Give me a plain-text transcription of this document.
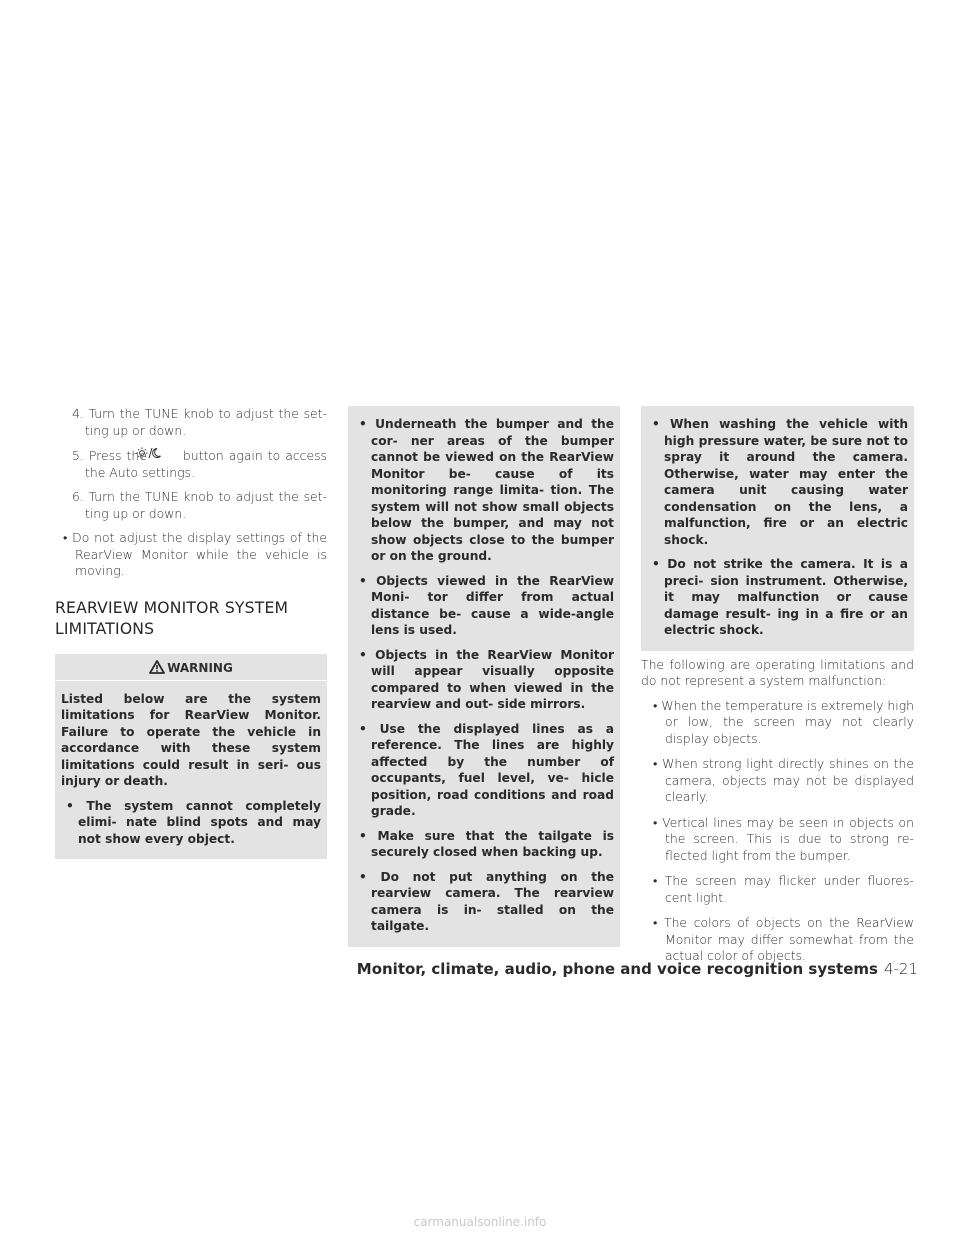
4. Turn the TUNE knob to adjust the set- ting up or down.

5. Press the	button again to access the Auto settings.

6. Turn the TUNE knob to adjust the set- ting up or down.

• Do not adjust the display settings of the RearView Monitor while the vehicle is moving.

REARVIEW MONITOR SYSTEM
LIMITATIONS
WARNING

Listed below are the system limitations for RearView Monitor. Failure to operate the vehicle in accordance with these system limitations could result in seri- ous injury or death.

• The system cannot completely elimi- nate blind spots and may not show every object.

• Underneath the bumper and the cor- ner areas of the bumper cannot be viewed on the RearView Monitor be- cause of its monitoring range limita- tion. The system will not show small objects below the bumper, and may not show objects close to the bumper or on the ground.

• Objects viewed in the RearView Moni- tor differ from actual distance be- cause a wide-angle lens is used.

• Objects in the RearView Monitor will appear visually opposite compared to when viewed in the rearview and out- side mirrors.

• Use the displayed lines as a reference. The lines are highly affected by the number of occupants, fuel level, ve- hicle position, road conditions and road grade.

• Make sure that the tailgate is securely closed when backing up.

• Do not put anything on the rearview camera. The rearview camera is in- stalled on the tailgate.

• When washing the vehicle with high pressure water, be sure not to spray it around the camera. Otherwise, water may enter the camera unit causing water condensation on the lens, a malfunction, fire or an electric shock.

• Do not strike the camera. It is a preci- sion instrument. Otherwise, it may malfunction or cause damage result- ing in a fire or an electric shock.

The following are operating limitations and do not represent a system malfunction:

• When the temperature is extremely high or low, the screen may not clearly display objects.

• When strong light directly shines on the camera, objects may not be displayed clearly.

• Vertical lines may be seen in objects on the screen. This is due to strong re- flected light from the bumper.

• The screen may flicker under fluores- cent light.

• The colors of objects on the RearView Monitor may differ somewhat from the actual color of objects.

Monitor, climate, audio, phone and voice recognition systems 4-21
carmanualsonline.info
